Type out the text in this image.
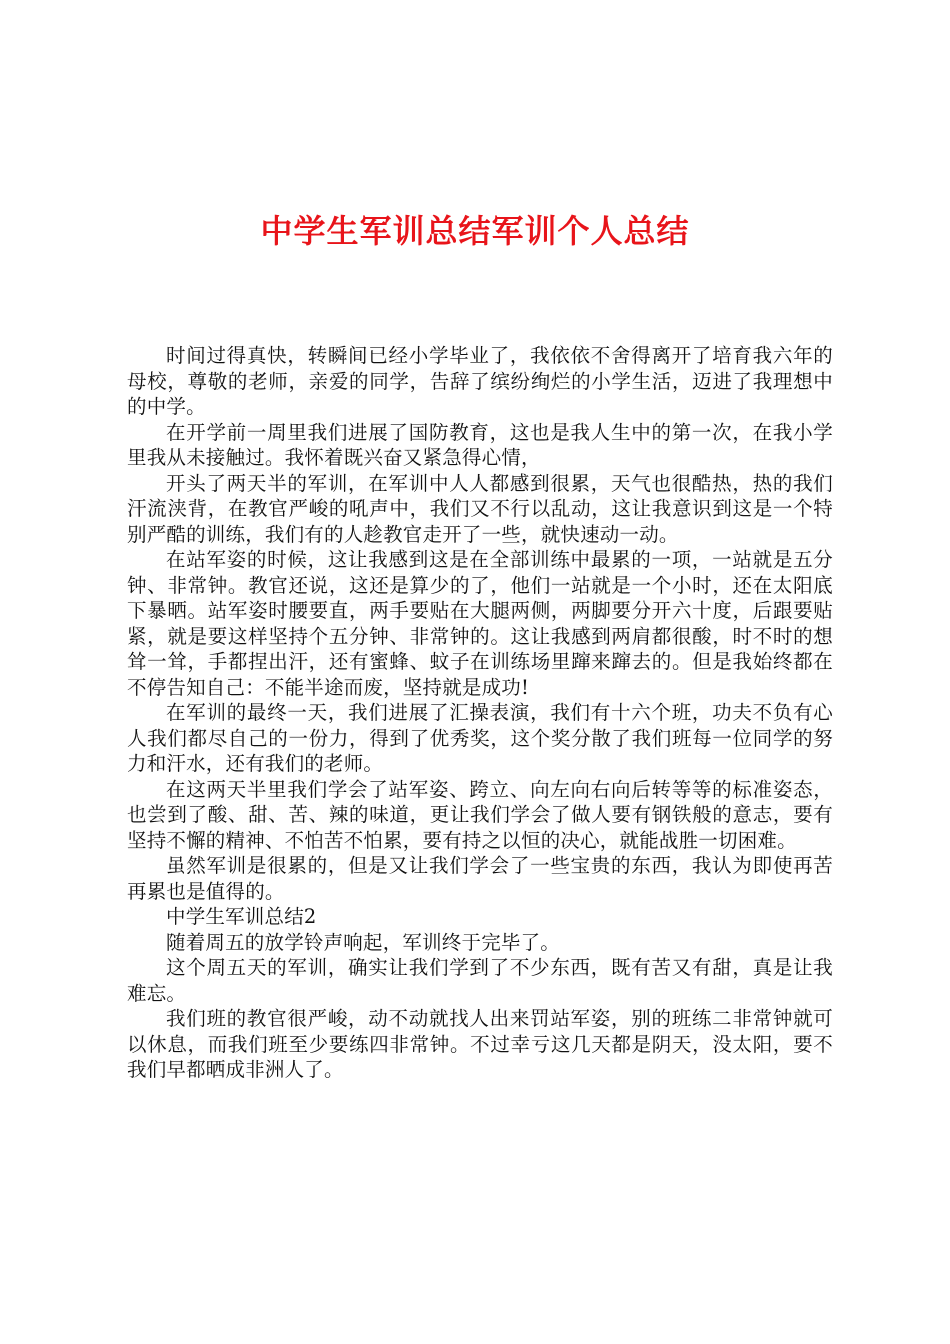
中学生军训总结军训个人总结

时间过得真快，转瞬间已经小学毕业了，我依依不舍得离开了培育我六年的母校，尊敬的老师，亲爱的同学，告辞了缤纷绚烂的小学生活，迈进了我理想中的中学。

在开学前一周里我们进展了国防教育，这也是我人生中的第一次，在我小学里我从未接触过。我怀着既兴奋又紧急得心情，

开头了两天半的军训，在军训中人人都感到很累，天气也很酷热，热的我们汗流浃背，在教官严峻的吼声中，我们又不行以乱动，这让我意识到这是一个特别严酷的训练，我们有的人趁教官走开了一些，就快速动一动。

在站军姿的时候，这让我感到这是在全部训练中最累的一项，一站就是五分钟、非常钟。教官还说，这还是算少的了，他们一站就是一个小时，还在太阳底下暴晒。站军姿时腰要直，两手要贴在大腿两侧，两脚要分开六十度，后跟要贴紧，就是要这样坚持个五分钟、非常钟的。这让我感到两肩都很酸，时不时的想耸一耸，手都捏出汗，还有蜜蜂、蚊子在训练场里蹿来蹿去的。但是我始终都在不停告知自己：不能半途而废，坚持就是成功!

在军训的最终一天，我们进展了汇操表演，我们有十六个班，功夫不负有心人我们都尽自己的一份力，得到了优秀奖，这个奖分散了我们班每一位同学的努力和汗水，还有我们的老师。

在这两天半里我们学会了站军姿、跨立、向左向右向后转等等的标准姿态，也尝到了酸、甜、苦、辣的味道，更让我们学会了做人要有钢铁般的意志，要有坚持不懈的精神、不怕苦不怕累，要有持之以恒的决心，就能战胜一切困难。

虽然军训是很累的，但是又让我们学会了一些宝贵的东西，我认为即使再苦再累也是值得的。

中学生军训总结2

随着周五的放学铃声响起，军训终于完毕了。

这个周五天的军训，确实让我们学到了不少东西，既有苦又有甜，真是让我难忘。

我们班的教官很严峻，动不动就找人出来罚站军姿，别的班练二非常钟就可以休息，而我们班至少要练四非常钟。不过幸亏这几天都是阴天，没太阳，要不我们早都晒成非洲人了。
